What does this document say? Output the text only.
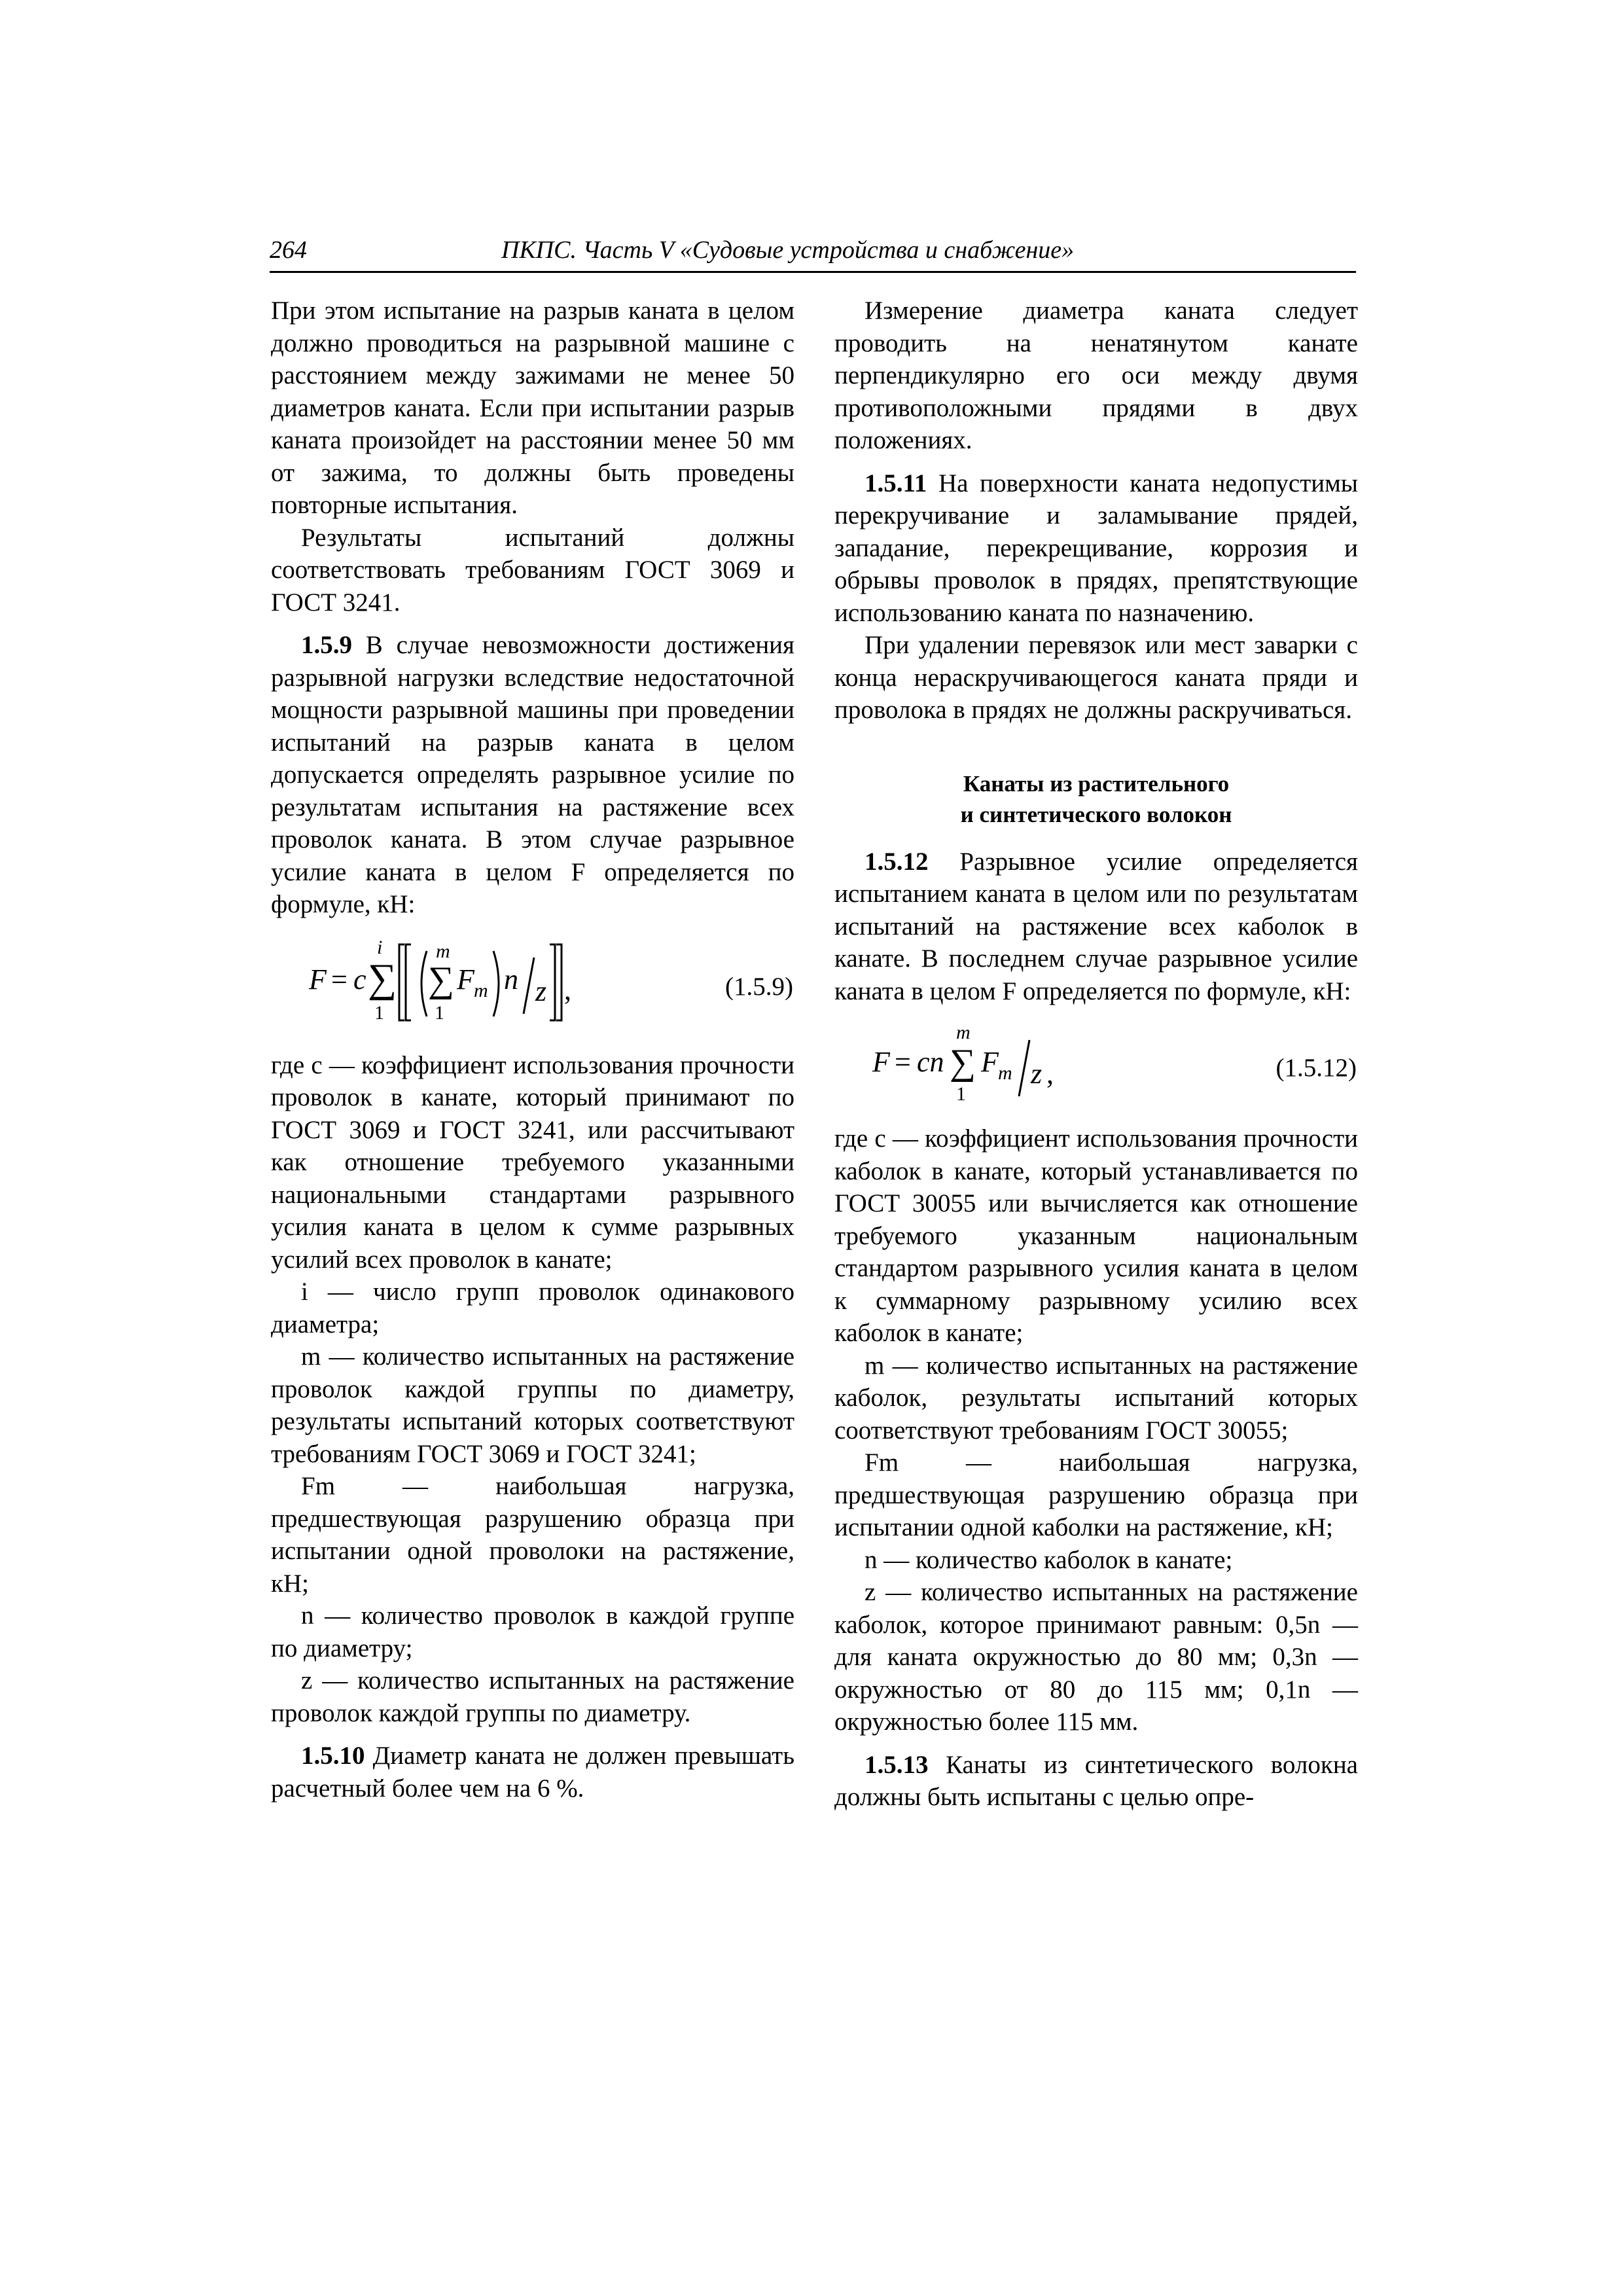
264	ПКПС. Часть V «Судовые устройства и снабжение»

При этом испытание на разрыв каната в целом должно проводиться на разрывной машине с расстоянием между зажимами не менее 50 диаметров каната. Если при испытании разрыв каната произойдет на расстоянии менее 50 мм от зажима, то должны быть проведены повторные испытания.

Результаты испытаний должны соответствовать требованиям ГОСТ 3069 и ГОСТ 3241.

1.5.9 В случае невозможности достижения разрывной нагрузки вследствие недостаточной мощности разрывной машины при проведении испытаний на разрыв каната в целом допускается определять разрывное усилие по результатам испытания на растяжение всех проволок каната. В этом случае разрывное усилие каната в целом F определяется по формуле, кН:

F = c
i
∑
1
m
∑
1
F m n z ,	(1.5.9)

где c — коэффициент использования прочности проволок в канате, который принимают по ГОСТ 3069 и ГОСТ 3241, или рассчитывают как отношение требуемого указанными национальными стандартами разрывного усилия каната в целом к сумме разрывных усилий всех проволок в канате;

i — число групп проволок одинакового диаметра;

m — количество испытанных на растяжение проволок каждой группы по диаметру, результаты испытаний которых соответствуют требованиям ГОСТ 3069 и ГОСТ 3241;

Fm — наибольшая нагрузка, предшествующая разрушению образца при испытании одной проволоки на растяжение, кН;

n — количество проволок в каждой группе по диаметру;

z — количество испытанных на растяжение проволок каждой группы по диаметру.

1.5.10 Диаметр каната не должен превышать расчетный более чем на 6 %.

Измерение диаметра каната следует проводить на ненатянутом канате перпендикулярно его оси между двумя противоположными прядями в двух положениях.

1.5.11 На поверхности каната недопустимы перекручивание и заламывание прядей, западание, перекрещивание, коррозия и обрывы проволок в прядях, препятствующие использованию каната по назначению.

При удалении перевязок или мест заварки с конца нераскручивающегося каната пряди и проволока в прядях не должны раскручиваться.

Канаты из растительного
и синтетического волокон

1.5.12 Разрывное усилие определяется испытанием каната в целом или по результатам испытаний на растяжение всех каболок в канате. В последнем случае разрывное усилие каната в целом F определяется по формуле, кН:

F = cn
m
∑
1
F m z ,	(1.5.12)

где c — коэффициент использования прочности каболок в канате, который устанавливается по ГОСТ 30055 или вычисляется как отношение требуемого указанным национальным стандартом разрывного усилия каната в целом к суммарному разрывному усилию всех каболок в канате;

m — количество испытанных на растяжение каболок, результаты испытаний которых соответствуют требованиям ГОСТ 30055;

Fm — наибольшая нагрузка, предшествующая разрушению образца при испытании одной каболки на растяжение, кН;

n — количество каболок в канате;

z — количество испытанных на растяжение каболок, которое принимают равным: 0,5n — для каната окружностью до 80 мм; 0,3n — окружностью от 80 до 115 мм; 0,1n — окружностью более 115 мм.

1.5.13 Канаты из синтетического волокна должны быть испытаны с целью опре-
